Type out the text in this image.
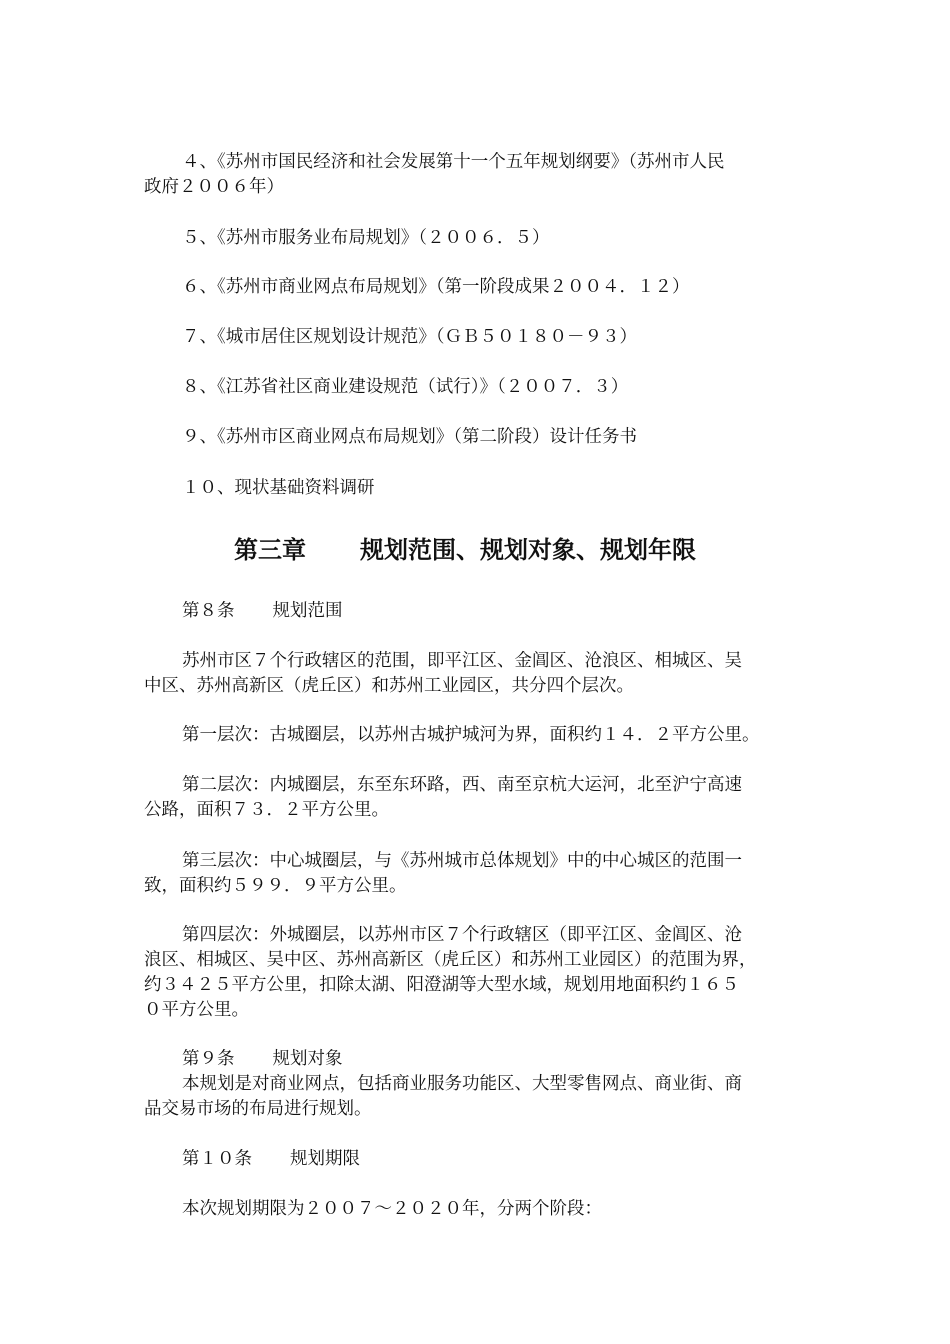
４、《苏州市国民经济和社会发展第十一个五年规划纲要》（苏州市人民
政府２００６年）
５、《苏州市服务业布局规划》（２００６．５）
６、《苏州市商业网点布局规划》（第一阶段成果２００４．１２）
７、《城市居住区规划设计规范》（ＧＢ５０１８０－９３）
８、《江苏省社区商业建设规范（试行）》（２００７．３）
９、《苏州市区商业网点布局规划》（第二阶段）设计任务书
１０、现状基础资料调研
第三章 规划范围、规划对象、规划年限
第８条 规划范围
苏州市区７个行政辖区的范围，即平江区、金阊区、沧浪区、相城区、吴
中区、苏州高新区（虎丘区）和苏州工业园区，共分四个层次。
第一层次：古城圈层，以苏州古城护城河为界，面积约１４．２平方公里。
第二层次：内城圈层，东至东环路，西、南至京杭大运河，北至沪宁高速
公路，面积７３．２平方公里。
第三层次：中心城圈层，与《苏州城市总体规划》中的中心城区的范围一
致，面积约５９９．９平方公里。
第四层次：外城圈层，以苏州市区７个行政辖区（即平江区、金阊区、沧
浪区、相城区、吴中区、苏州高新区（虎丘区）和苏州工业园区）的范围为界，
约３４２５平方公里，扣除太湖、阳澄湖等大型水域，规划用地面积约１６５
０平方公里。
第９条 规划对象
本规划是对商业网点，包括商业服务功能区、大型零售网点、商业街、商
品交易市场的布局进行规划。
第１０条 规划期限
本次规划期限为２００７～２０２０年，分两个阶段：
